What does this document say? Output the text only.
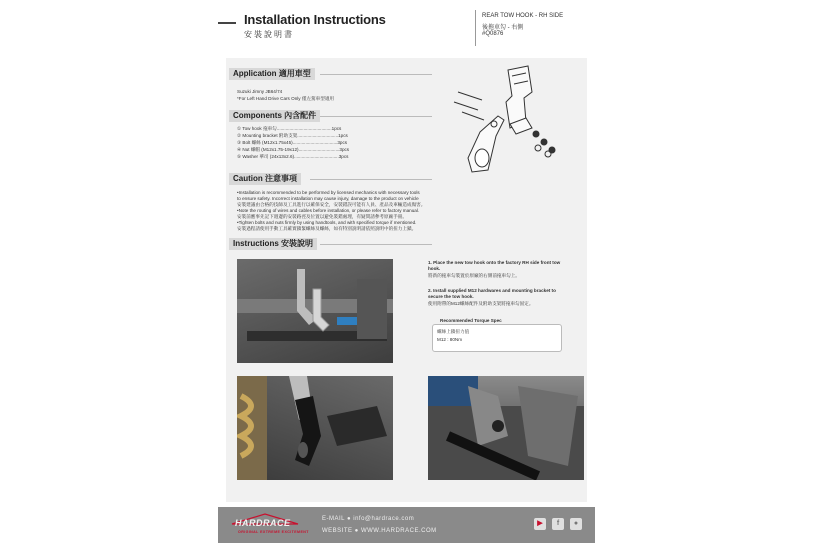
Installation Instructions
安裝說明書
REAR TOW HOOK - RH SIDE
後拖車勾 - 右側
#Q0876
Application 適用車型
Suzuki Jimny JB64/74
*For Left Hand Drive Cars Only 僅左駕車型適用
Components 內含配件
① Tow hook 拖車勾...........................................1pcs
② Mounting bracket 附助支架................................1pcs
③ Bolt 螺絲 (M12x1.75x45)...................................3pcs
④ Nut 螺帽 (M12x1.75-19x12)................................3pcs
⑤ Washer 華司 (24x13x2.6)...................................3pcs
Caution 注意事項
•Installation is recommended to be performed by licensed mechanics with necessary tools
to ensure safety. Incorrect installation may cause injury, damage to the product on vehicle
安裝建議由合格的技師及工具進行以確保安全，安裝錯誤可能有人員、產品及車輛造成傷害。
•Note the routing of wires and cables before installation, or please refer to factory manual.
安裝前應事先記下週邊的安裝路徑及位置以避免裝錯處理，有疑問請參考原廠手冊。
•Tighten bolts and nuts firmly by using handtools, and with specified torque if mentioned.
安裝過程請使用手動工具確實鎖緊螺絲及螺絲，如有特別說明請依照說明中的扭力上鎖。
Instructions 安裝說明
1. Place the new tow hook onto the factory RH side front tow
hook.
將新的拖車勾裝置於原廠的右側前拖車勾上。
2. Install supplied M12 hardwares and mounting bracket to
secure the tow hook.
使用附帶的M12螺絲配件及附助支架將拖車勾固定。
Recommended Torque Spec
螺絲上鎖扭力值
M12 : 80Nm
HARDRACE
ORIGINAL EXTREME EXCITEMENT
E-MAIL ● info@hardrace.com
WEBSITE ● WWW.HARDRACE.COM
▶	f	●
